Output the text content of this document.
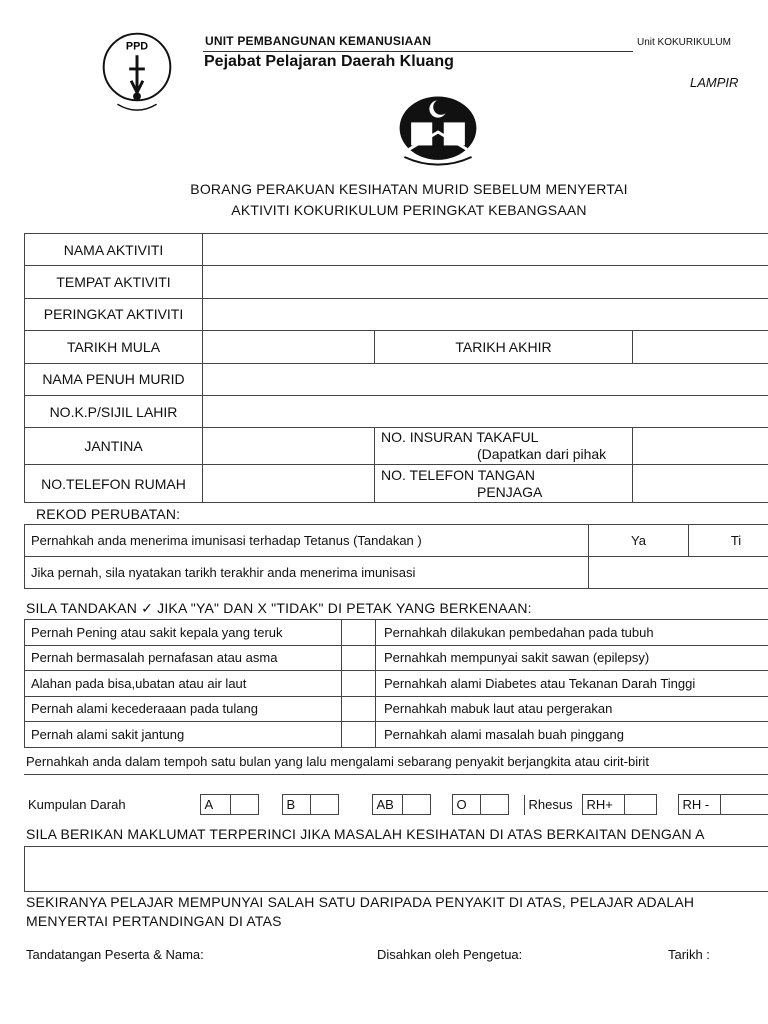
PPD	UNIT PEMBANGUNAN KEMANUSIAAN	Unit KOKURIKULUM
Pejabat Pelajaran Daerah Kluang
LAMPIR
BORANG PERAKUAN KESIHATAN MURID SEBELUM MENYERTAI
AKTIVITI KOKURIKULUM PERINGKAT KEBANGSAAN
NAMA AKTIVITI			
TEMPAT AKTIVITI			
PERINGKAT AKTIVITI			
TARIKH MULA		TARIKH AKHIR	
NAMA PENUH MURID			
NO.K.P/SIJIL LAHIR			
JANTINA		NO. INSURAN TAKAFUL
(Dapatkan dari pihak	

NO.TELEFON RUMAH		NO. TELEFON TANGAN
PENJAGA	

REKOD PERUBATAN:
Pernahkah anda menerima imunisasi terhadap Tetanus (Tandakan )	Ya	Ti
Jika pernah, sila nyatakan tarikh terakhir anda menerima imunisasi		
SILA TANDAKAN ✓ JIKA "YA" DAN X "TIDAK" DI PETAK YANG BERKENAAN:
Pernah Pening atau sakit kepala yang teruk		Pernahkah dilakukan pembedahan pada tubuh
Pernah bermasalah pernafasan atau asma		Pernahkah mempunyai sakit sawan (epilepsy)
Alahan pada bisa,ubatan atau air laut		Pernahkah alami Diabetes atau Tekanan Darah Tinggi
Pernah alami kecederaaan pada tulang		Pernahkah mabuk laut atau pergerakan
Pernah alami sakit jantung		Pernahkah alami masalah buah pinggang
Pernahkah anda dalam tempoh satu bulan yang lalu mengalami sebarang penyakit berjangkita atau cirit-birit
Kumpulan Darah	A			B			AB			O			Rhesus	RH+			RH -	
SILA BERIKAN MAKLUMAT TERPERINCI JIKA MASALAH KESIHATAN DI ATAS BERKAITAN DENGAN A
SEKIRANYA PELAJAR MEMPUNYAI SALAH SATU DARIPADA PENYAKIT DI ATAS, PELAJAR ADALAH
MENYERTAI PERTANDINGAN DI ATAS
Tandatangan Peserta & Nama:	Disahkan oleh Pengetua:	Tarikh :
